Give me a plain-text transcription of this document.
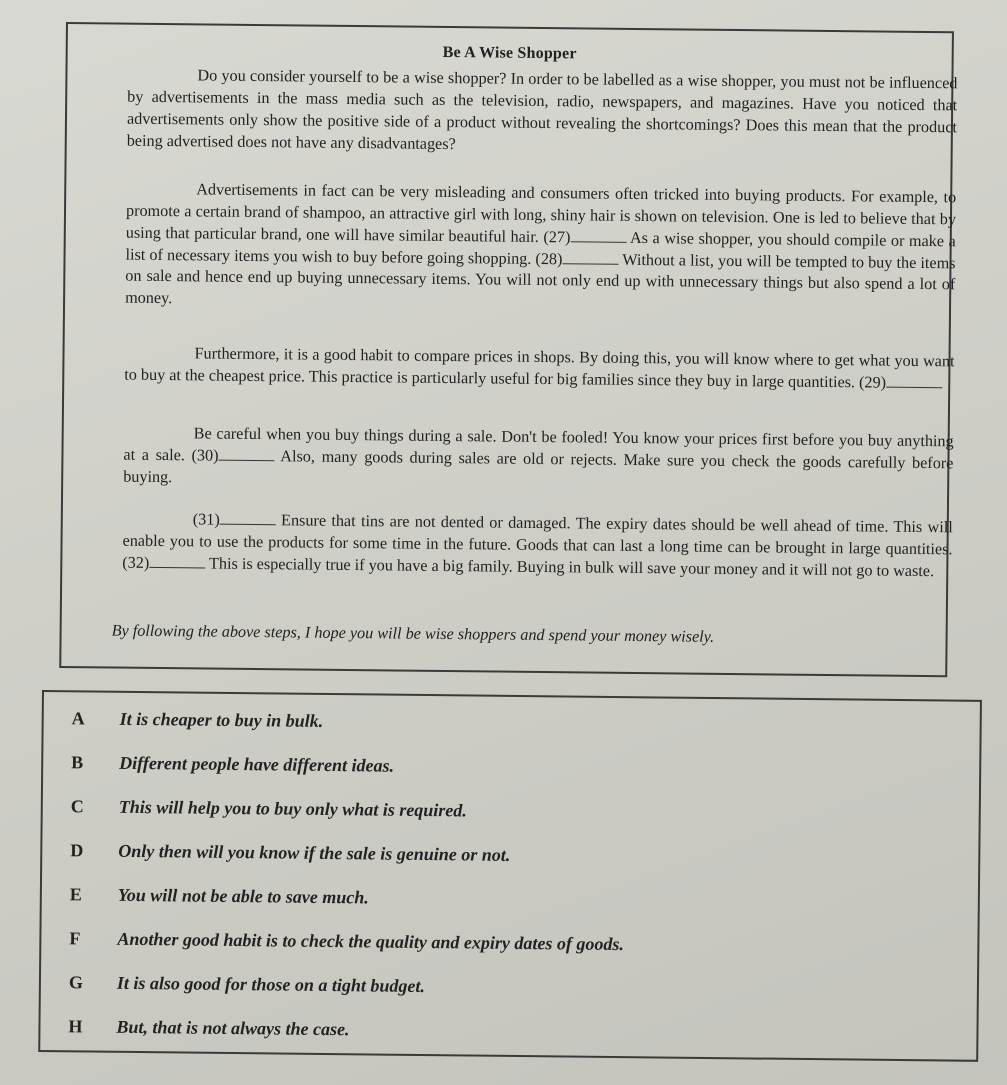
Be A Wise Shopper

Do you consider yourself to be a wise shopper? In order to be labelled as a wise shopper, you must not be influenced by advertisements in the mass media such as the television, radio, newspapers, and magazines. Have you noticed that advertisements only show the positive side of a product without revealing the shortcomings? Does this mean that the product being advertised does not have any disadvantages?

Advertisements in fact can be very misleading and consumers often tricked into buying products. For example, to promote a certain brand of shampoo, an attractive girl with long, shiny hair is shown on television. One is led to believe that by using that particular brand, one will have similar beautiful hair. (27)	As a wise shopper, you should compile or make a list of necessary items you wish to buy before going shopping. (28)	Without a list, you will be tempted to buy the items on sale and hence end up buying unnecessary items. You will not only end up with unnecessary things but also spend a lot of money.

Furthermore, it is a good habit to compare prices in shops. By doing this, you will know where to get what you want to buy at the cheapest price. This practice is particularly useful for big families since they buy in large quantities. (29)

Be careful when you buy things during a sale. Don't be fooled! You know your prices first before you buy anything at a sale. (30)	Also, many goods during sales are old or rejects. Make sure you check the goods carefully before buying.

(31)	Ensure that tins are not dented or damaged. The expiry dates should be well ahead of time. This will enable you to use the products for some time in the future. Goods that can last a long time can be brought in large quantities. (32)	This is especially true if you have a big family. Buying in bulk will save your money and it will not go to waste.

By following the above steps, I hope you will be wise shoppers and spend your money wisely.

A It is cheaper to buy in bulk.
B Different people have different ideas.
C This will help you to buy only what is required.
D Only then will you know if the sale is genuine or not.
E You will not be able to save much.
F Another good habit is to check the quality and expiry dates of goods.
G It is also good for those on a tight budget.
H But, that is not always the case.
